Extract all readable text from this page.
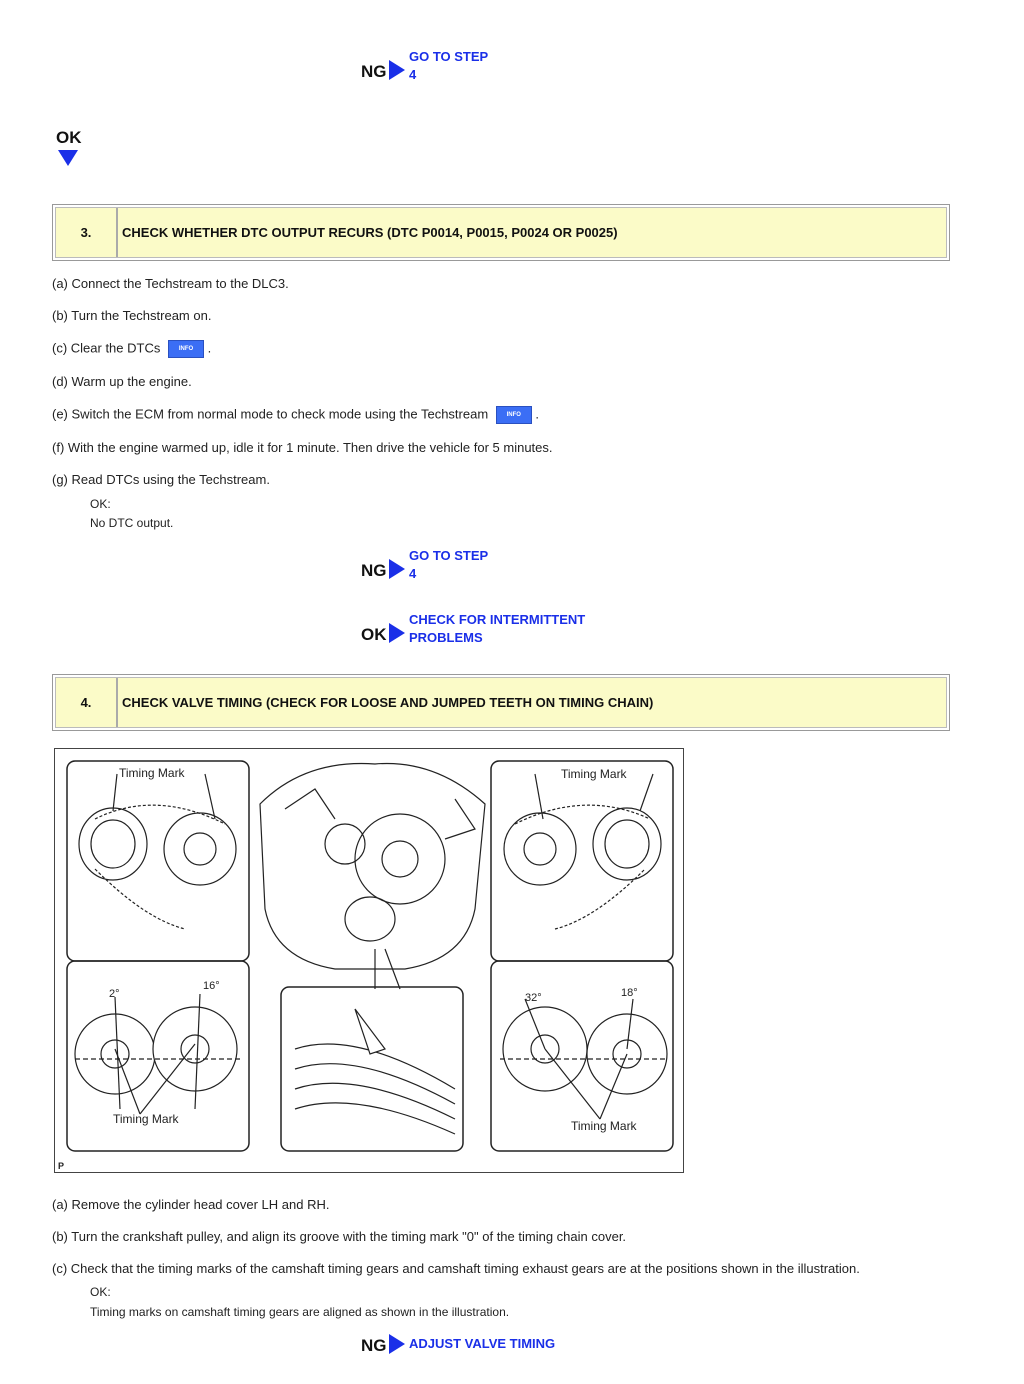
NG
GO TO STEP
4
OK
3.	CHECK WHETHER DTC OUTPUT RECURS (DTC P0014, P0015, P0024 OR P0025)
(a) Connect the Techstream to the DLC3.
(b) Turn the Techstream on.
(c) Clear the DTCs	INFO .
(d) Warm up the engine.
(e) Switch the ECM from normal mode to check mode using the Techstream	INFO .
(f) With the engine warmed up, idle it for 1 minute. Then drive the vehicle for 5 minutes.
(g) Read DTCs using the Techstream.
OK:
No DTC output.
NG
GO TO STEP
4
OK
CHECK FOR INTERMITTENT
PROBLEMS
4.	CHECK VALVE TIMING (CHECK FOR LOOSE AND JUMPED TEETH ON TIMING CHAIN)
Timing Mark	Timing Mark
Timing Mark	Timing Mark
2°
16°
32°	18°
P
(a) Remove the cylinder head cover LH and RH.
(b) Turn the crankshaft pulley, and align its groove with the timing mark "0" of the timing chain cover.
(c) Check that the timing marks of the camshaft timing gears and camshaft timing exhaust gears are at the positions shown in the illustration.
OK:
Timing marks on camshaft timing gears are aligned as shown in the illustration.
NG ADJUST VALVE TIMING
